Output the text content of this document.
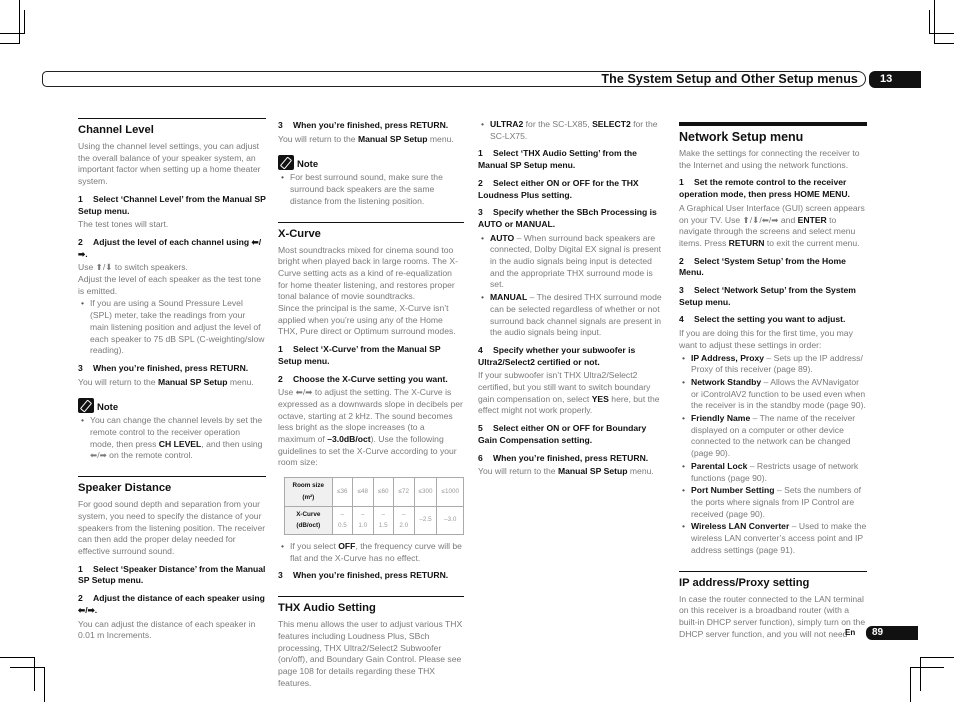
The System Setup and Other Setup menus	13
Channel Level

Using the channel level settings, you can adjust the overall balance of your speaker system, an important factor when setting up a home theater system.

1 Select ‘Channel Level’ from the Manual SP Setup menu.

The test tones will start.

2 Adjust the level of each channel using ⬅/➡.

Use ⬆/⬇ to switch speakers.

Adjust the level of each speaker as the test tone is emitted.

• If you are using a Sound Pressure Level (SPL) meter, take the readings from your main listening position and adjust the level of each speaker to 75 dB SPL (C-weighting/slow reading).
3 When you’re finished, press RETURN.

You will return to the Manual SP Setup menu.

Note
• You can change the channel levels by set the remote control to the receiver operation mode, then press CH LEVEL, and then using ⬅/➡ on the remote control.
Speaker Distance

For good sound depth and separation from your system, you need to specify the distance of your speakers from the listening position. The receiver can then add the proper delay needed for effective surround sound.

1 Select ‘Speaker Distance’ from the Manual SP Setup menu.
2 Adjust the distance of each speaker using ⬅/➡.

You can adjust the distance of each speaker in 0.01 m Increments.

3 When you’re finished, press RETURN.

You will return to the Manual SP Setup menu.

Note
• For best surround sound, make sure the surround back speakers are the same distance from the listening position.
X-Curve

Most soundtracks mixed for cinema sound too bright when played back in large rooms. The X-Curve setting acts as a kind of re-equalization for home theater listening, and restores proper tonal balance of movie soundtracks.

Since the principal is the same, X-Curve isn’t applied when you’re using any of the Home THX, Pure direct or Optimum surround modes.

1 Select ‘X-Curve’ from the Manual SP Setup menu.
2 Choose the X-Curve setting you want.

Use ⬅/➡ to adjust the setting. The X-Curve is expressed as a downwards slope in decibels per octave, starting at 2 kHz. The sound becomes less bright as the slope increases (to a maximum of –3.0dB/oct). Use the following guidelines to set the X-Curve according to your room size:

Room size (m²)	≤36	≤48	≤60	≤72	≤300	≤1000
X-Curve (dB/oct)	–0.5	–1.0	–1.5	–2.0	–2.5	–3.0
• If you select OFF, the frequency curve will be flat and the X-Curve has no effect.
3 When you’re finished, press RETURN.
THX Audio Setting

This menu allows the user to adjust various THX features including Loudness Plus, SBch processing, THX Ultra2/Select2 Subwoofer (on/off), and Boundary Gain Control. Please see page 108 for details regarding these THX features.

• ULTRA2 for the SC-LX85, SELECT2 for the SC-LX75.
1 Select ‘THX Audio Setting’ from the Manual SP Setup menu.
2 Select either ON or OFF for the THX Loudness Plus setting.
3 Specify whether the SBch Processing is AUTO or MANUAL.
• AUTO – When surround back speakers are connected, Dolby Digital EX signal is present in the audio signals being input is detected and the appropriate THX surround mode is set.
• MANUAL – The desired THX surround mode can be selected regardless of whether or not surround back channel signals are present in the audio signals being input.
4 Specify whether your subwoofer is Ultra2/Select2 certified or not.

If your subwoofer isn’t THX Ultra2/Select2 certified, but you still want to switch boundary gain compensation on, select YES here, but the effect might not work properly.

5 Select either ON or OFF for Boundary Gain Compensation setting.
6 When you’re finished, press RETURN.

You will return to the Manual SP Setup menu.

Network Setup menu

Make the settings for connecting the receiver to the Internet and using the network functions.

1 Set the remote control to the receiver operation mode, then press HOME MENU.

A Graphical User Interface (GUI) screen appears on your TV. Use ⬆/⬇/⬅/➡ and ENTER to navigate through the screens and select menu items. Press RETURN to exit the current menu.

2 Select ‘System Setup’ from the Home Menu.
3 Select ‘Network Setup’ from the System Setup menu.
4 Select the setting you want to adjust.

If you are doing this for the first time, you may want to adjust these settings in order:

• IP Address, Proxy – Sets up the IP address/ Proxy of this receiver (page 89).
• Network Standby – Allows the AVNavigator or iControlAV2 function to be used even when the receiver is in the standby mode (page 90).
• Friendly Name – The name of the receiver displayed on a computer or other device connected to the network can be changed (page 90).
• Parental Lock – Restricts usage of network functions (page 90).
• Port Number Setting – Sets the numbers of the ports where signals from IP Control are received (page 90).
• Wireless LAN Converter – Used to make the wireless LAN converter’s access point and IP address settings (page 91).
IP address/Proxy setting

In case the router connected to the LAN terminal on this receiver is a broadband router (with a built-in DHCP server function), simply turn on the DHCP server function, and you will not need

En	89
